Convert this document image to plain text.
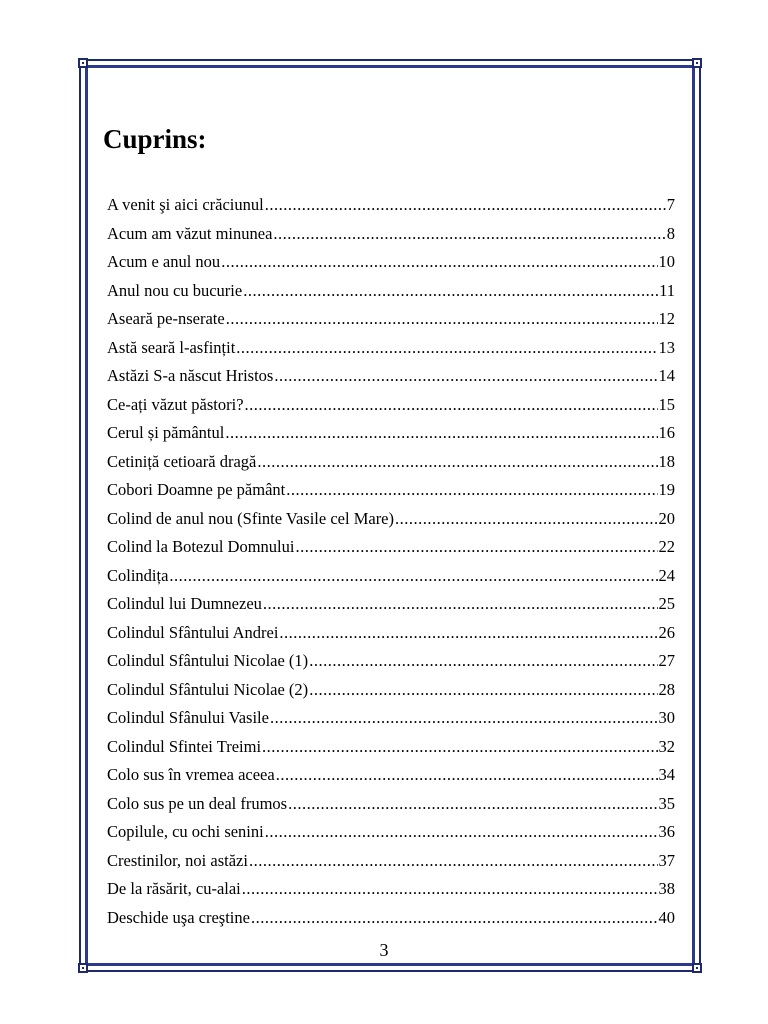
Cuprins:
A venit şi aici crăciunul .....	7
Acum am văzut minunea .....	8
Acum e anul nou .....	10
Anul nou cu bucurie .....	11
Aseară pe-nserate .....	12
Astă seară l-asfințit .....	13
Astăzi S-a născut Hristos .....	14
Ce-ați văzut păstori? .....	15
Cerul și pământul .....	16
Cetiniță cetioară dragă .....	18
Cobori Doamne pe pământ .....	19
Colind de anul nou (Sfinte Vasile cel Mare) .....	20
Colind la Botezul Domnului .....	22
Colindița .....	24
Colindul lui Dumnezeu .....	25
Colindul Sfântului Andrei .....	26
Colindul Sfântului Nicolae (1) .....	27
Colindul Sfântului Nicolae (2) .....	28
Colindul Sfânului Vasile .....	30
Colindul Sfintei Treimi .....	32
Colo sus în vremea aceea .....	34
Colo sus pe un deal frumos .....	35
Copilule, cu ochi senini .....	36
Crestinilor, noi astăzi .....	37
De la răsărit, cu-alai .....	38
Deschide uşa creştine .....	40
3
